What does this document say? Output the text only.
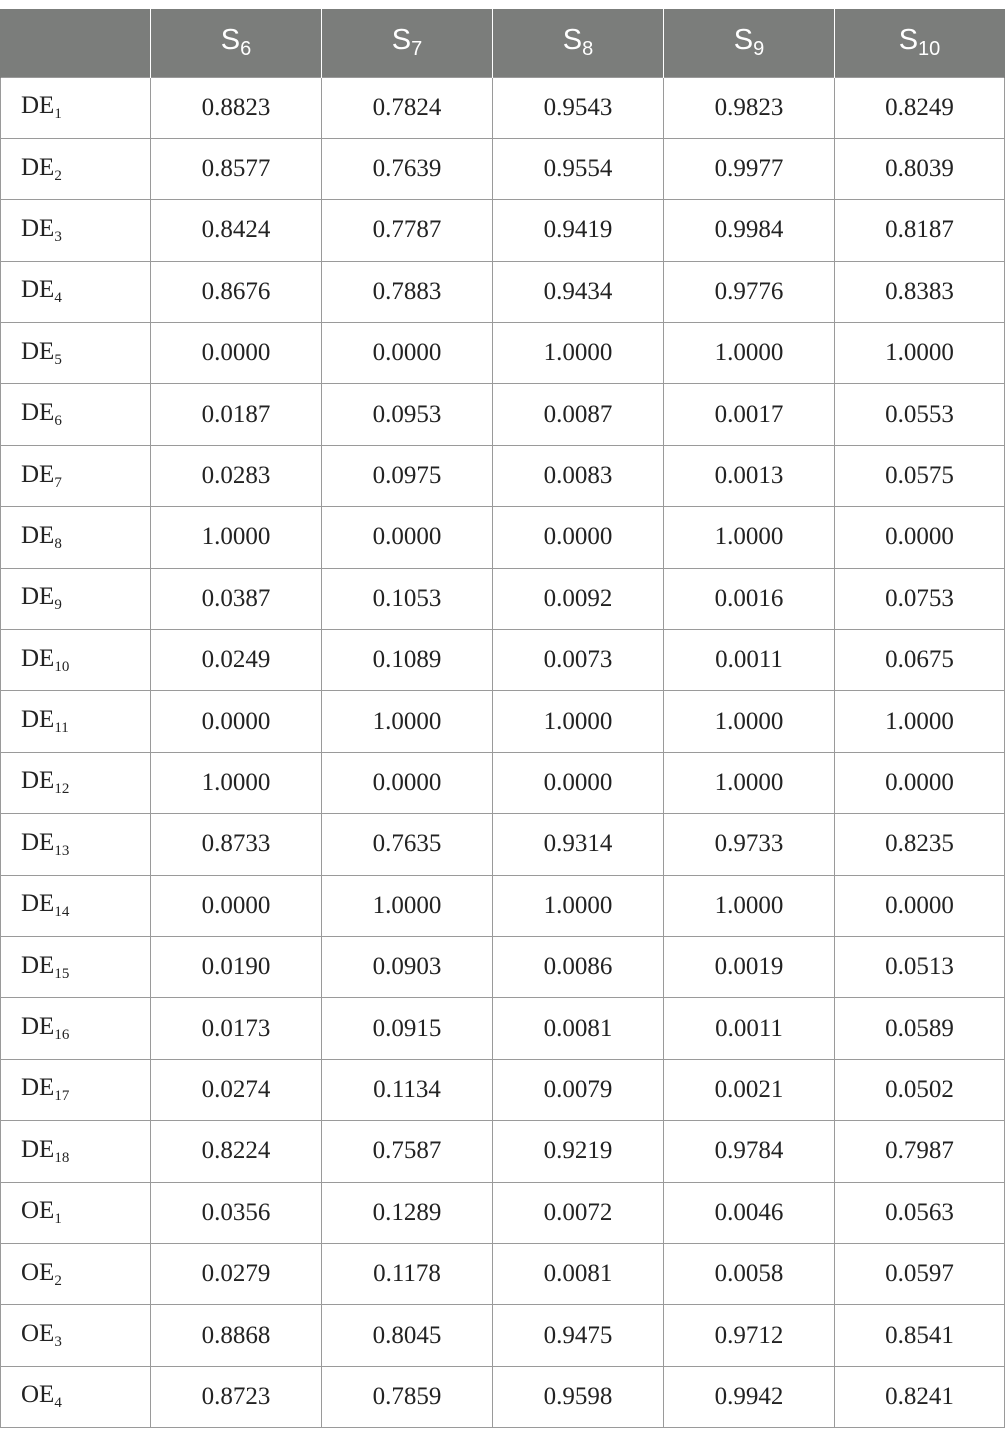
	$S_6$	$S_7$	$S_8$	$S_9$	$S_{10}$
$DE_1$	0.8823	0.7824	0.9543	0.9823	0.8249
$DE_2$	0.8577	0.7639	0.9554	0.9977	0.8039
$DE_3$	0.8424	0.7787	0.9419	0.9984	0.8187
$DE_4$	0.8676	0.7883	0.9434	0.9776	0.8383
$DE_5$	0.0000	0.0000	1.0000	1.0000	1.0000
$DE_6$	0.0187	0.0953	0.0087	0.0017	0.0553
$DE_7$	0.0283	0.0975	0.0083	0.0013	0.0575
$DE_8$	1.0000	0.0000	0.0000	1.0000	0.0000
$DE_9$	0.0387	0.1053	0.0092	0.0016	0.0753
$DE_{10}$	0.0249	0.1089	0.0073	0.0011	0.0675
$DE_{11}$	0.0000	1.0000	1.0000	1.0000	1.0000
$DE_{12}$	1.0000	0.0000	0.0000	1.0000	0.0000
$DE_{13}$	0.8733	0.7635	0.9314	0.9733	0.8235
$DE_{14}$	0.0000	1.0000	1.0000	1.0000	0.0000
$DE_{15}$	0.0190	0.0903	0.0086	0.0019	0.0513
$DE_{16}$	0.0173	0.0915	0.0081	0.0011	0.0589
$DE_{17}$	0.0274	0.1134	0.0079	0.0021	0.0502
$DE_{18}$	0.8224	0.7587	0.9219	0.9784	0.7987
$OE_1$	0.0356	0.1289	0.0072	0.0046	0.0563
$OE_2$	0.0279	0.1178	0.0081	0.0058	0.0597
$OE_3$	0.8868	0.8045	0.9475	0.9712	0.8541
$OE_4$	0.8723	0.7859	0.9598	0.9942	0.8241
